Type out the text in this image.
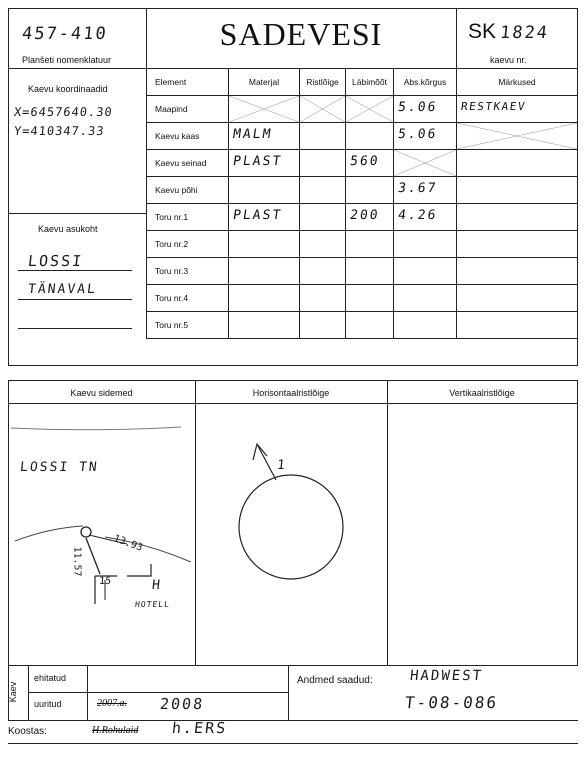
457-410
Planšeti nomenklatuur
SADEVESI	SK 1824
kaevu nr.
Kaevu koordinaadid
X=6457640.30
Y=410347.33
Kaevu asukoht
LOSSI
TÄNAVAL
Element	Materjal	Ristlõige	Läbimõõt	Abs.kõrgus	Märkused
Maapind				5.06	RESTKAEV

Kaevu kaas	MALM			5.06

Kaevu seinad	PLAST		560

Kaevu põhi				3.67	

Toru nr.1	PLAST		200	4.26	

Toru nr.2	

Toru nr.3	

Toru nr.4	

Toru nr.5	

Kaevu sidemed	Horisontaalristlõige	Vertikaalristlõige
LOSSI TN
13.93
11.57
15	H
HOTELL
1
Kaev
ehitatud
uuritud	2007.a. 2008
Andmed saadud:	HADWEST
T-08-086
Koostas:	H.Rohulaid h.ERS
